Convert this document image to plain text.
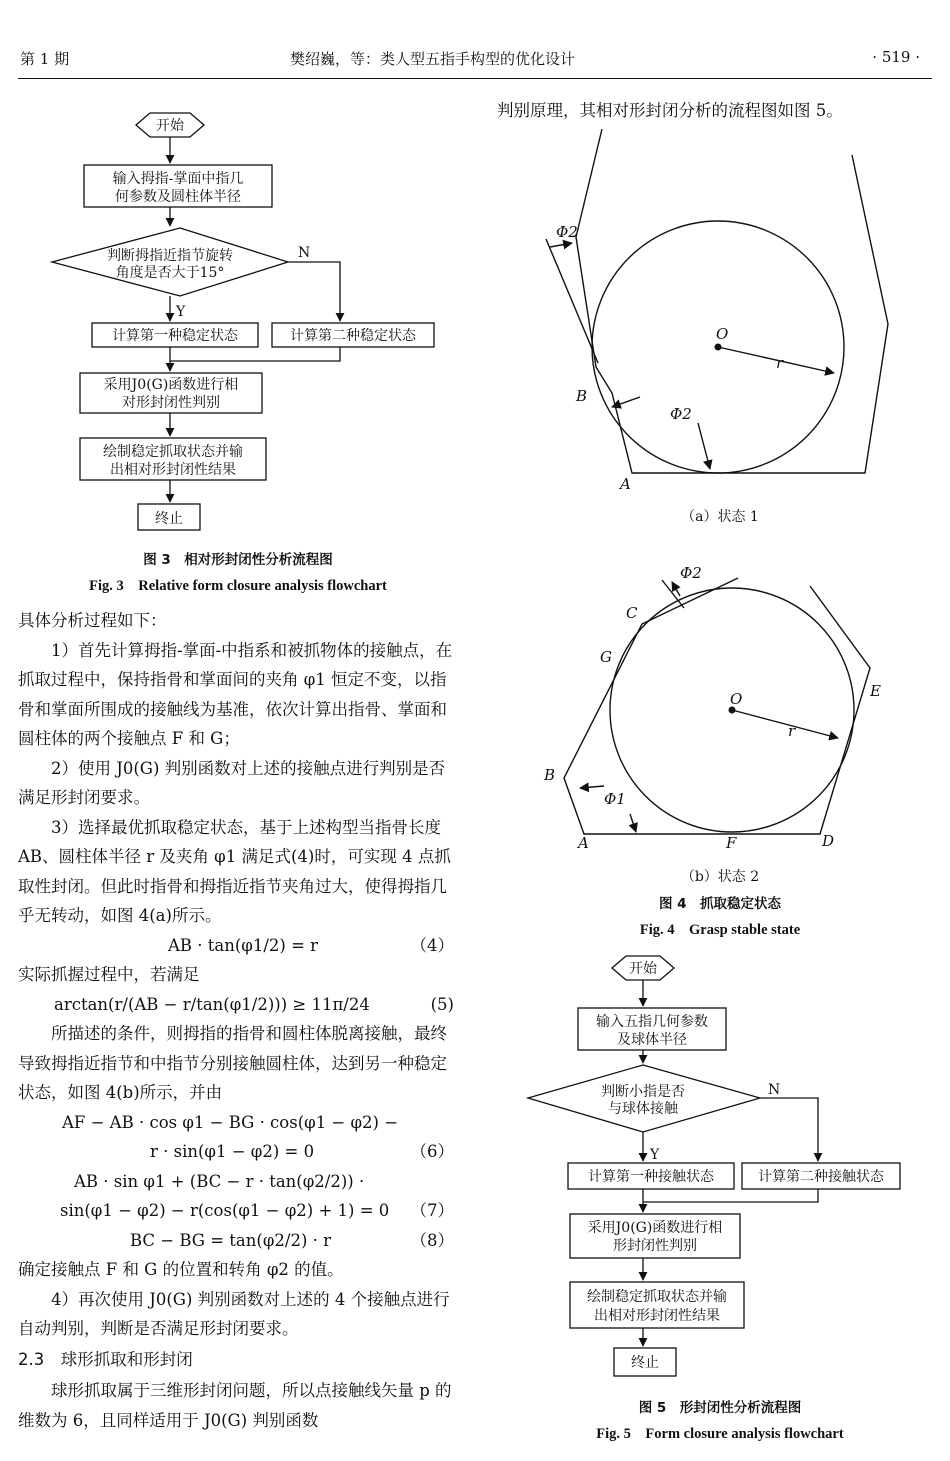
第 1 期	樊绍巍，等：类人型五指手构型的优化设计	· 519 ·
开始
输入拇指-掌面中指几
何参数及圆柱体半径
判断拇指近指节旋转
角度是否大于15°
Y
N
计算第一种稳定状态	计算第二种稳定状态
采用J0(G)函数进行相
对形封闭性判别
绘制稳定抓取状态并输
出相对形封闭性结果
终止
图 3　相对形封闭性分析流程图
Fig. 3　Relative form closure analysis flowchart

具体分析过程如下：

1）首先计算拇指-掌面-中指系和被抓物体的接触点，在抓取过程中，保持指骨和掌面间的夹角 φ1 恒定不变，以指骨和掌面所围成的接触线为基准，依次计算出指骨、掌面和圆柱体的两个接触点 F 和 G；

2）使用 J0(G) 判别函数对上述的接触点进行判别是否满足形封闭要求。

3）选择最优抓取稳定状态，基于上述构型当指骨长度 AB、圆柱体半径 r 及夹角 φ1 满足式(4)时，可实现 4 点抓取性封闭。但此时指骨和拇指近指节夹角过大，使得拇指几乎无转动，如图 4(a)所示。

AB · tan(φ1/2) = r	（4）

实际抓握过程中，若满足

arctan(r/(AB − r/tan(φ1/2))) ≥ 11π/24	(5)

所描述的条件，则拇指的指骨和圆柱体脱离接触，最终导致拇指近指节和中指节分别接触圆柱体，达到另一种稳定状态，如图 4(b)所示，并由

AF − AB · cos φ1 − BG · cos(φ1 − φ2) −

r · sin(φ1 − φ2) = 0	（6）

AB · sin φ1 + (BC − r · tan(φ2/2)) ·

sin(φ1 − φ2) − r(cos(φ1 − φ2) + 1) = 0 （7）

BC − BG = tan(φ2/2) · r	（8）

确定接触点 F 和 G 的位置和转角 φ2 的值。

4）再次使用 J0(G) 判别函数对上述的 4 个接触点进行自动判别，判断是否满足形封闭要求。

2.3　球形抓取和形封闭

球形抓取属于三维形封闭问题，所以点接触线矢量 p 的维数为 6，且同样适用于 J0(G) 判别函数

判别原理，其相对形封闭分析的流程图如图 5。
O
r
B
A
Φ2
Φ2
（a）状态 1
O
r
C
G
B
A	F	D
E
Φ2
Φ1
（b）状态 2
图 4　抓取稳定状态
Fig. 4　Grasp stable state
开始
输入五指几何参数
及球体半径
判断小指是否
与球体接触
Y
N
计算第一种接触状态	计算第二种接触状态
采用J0(G)函数进行相
形封闭性判别
绘制稳定抓取状态并输
出相对形封闭性结果
终止
图 5　形封闭性分析流程图
Fig. 5　Form closure analysis flowchart
